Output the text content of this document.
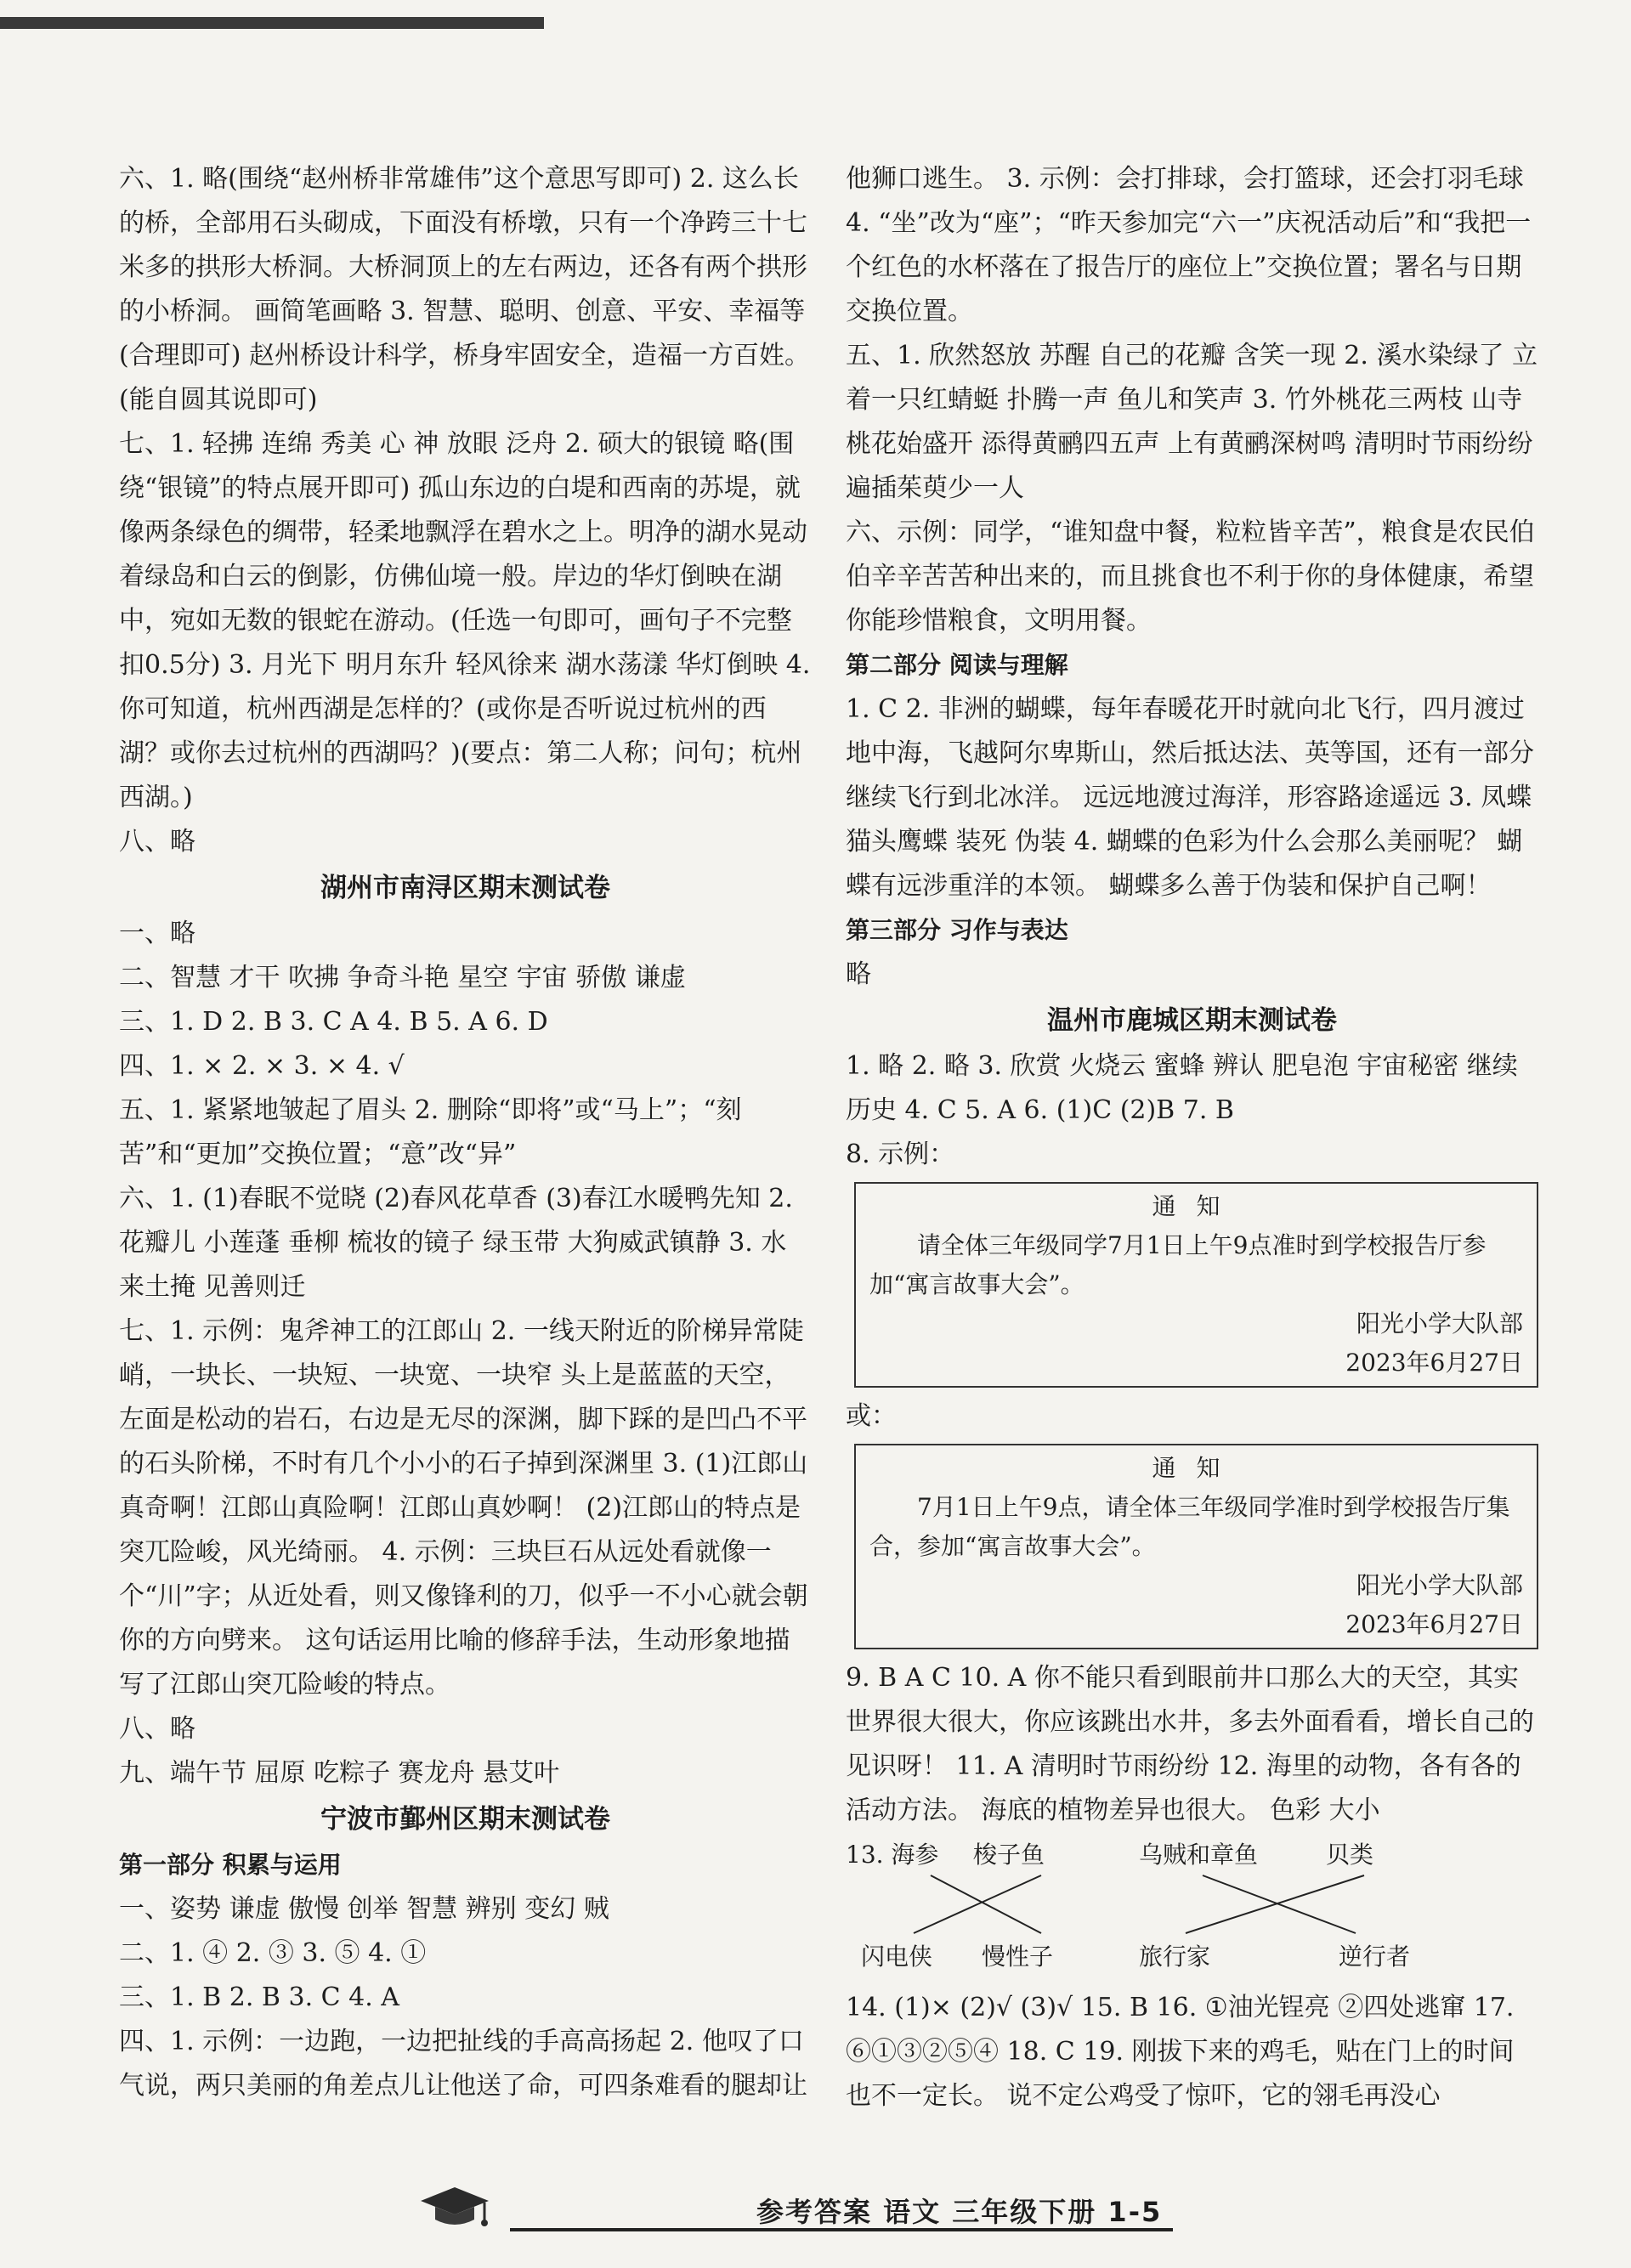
六、1. 略(围绕“赵州桥非常雄伟”这个意思写即可) 2. 这么长的桥，全部用石头砌成，下面没有桥墩，只有一个净跨三十七米多的拱形大桥洞。大桥洞顶上的左右两边，还各有两个拱形的小桥洞。 画简笔画略 3. 智慧、聪明、创意、平安、幸福等(合理即可) 赵州桥设计科学，桥身牢固安全，造福一方百姓。(能自圆其说即可)
七、1. 轻拂 连绵 秀美 心 神 放眼 泛舟 2. 硕大的银镜 略(围绕“银镜”的特点展开即可) 孤山东边的白堤和西南的苏堤，就像两条绿色的绸带，轻柔地飘浮在碧水之上。明净的湖水晃动着绿岛和白云的倒影，仿佛仙境一般。岸边的华灯倒映在湖中，宛如无数的银蛇在游动。(任选一句即可，画句子不完整扣0.5分) 3. 月光下 明月东升 轻风徐来 湖水荡漾 华灯倒映 4. 你可知道，杭州西湖是怎样的？(或你是否听说过杭州的西湖？或你去过杭州的西湖吗？)(要点：第二人称；问句；杭州西湖。)
八、略
湖州市南浔区期末测试卷
一、略
二、智慧 才干 吹拂 争奇斗艳 星空 宇宙 骄傲 谦虚
三、1. D 2. B 3. C A 4. B 5. A 6. D
四、1. × 2. × 3. × 4. √
五、1. 紧紧地皱起了眉头 2. 删除“即将”或“马上”；“刻苦”和“更加”交换位置；“意”改“异”
六、1. (1)春眠不觉晓 (2)春风花草香 (3)春江水暖鸭先知 2. 花瓣儿 小莲蓬 垂柳 梳妆的镜子 绿玉带 大狗威武镇静 3. 水来土掩 见善则迁
七、1. 示例：鬼斧神工的江郎山 2. 一线天附近的阶梯异常陡峭，一块长、一块短、一块宽、一块窄 头上是蓝蓝的天空，左面是松动的岩石，右边是无尽的深渊，脚下踩的是凹凸不平的石头阶梯，不时有几个小小的石子掉到深渊里 3. (1)江郎山真奇啊！江郎山真险啊！江郎山真妙啊！ (2)江郎山的特点是突兀险峻，风光绮丽。 4. 示例：三块巨石从远处看就像一个“川”字；从近处看，则又像锋利的刀，似乎一不小心就会朝你的方向劈来。 这句话运用比喻的修辞手法，生动形象地描写了江郎山突兀险峻的特点。
八、略
九、端午节 屈原 吃粽子 赛龙舟 悬艾叶
宁波市鄞州区期末测试卷
第一部分 积累与运用
一、姿势 谦虚 傲慢 创举 智慧 辨别 变幻 贼
二、1. ④ 2. ③ 3. ⑤ 4. ①
三、1. B 2. B 3. C 4. A
四、1. 示例：一边跑，一边把扯线的手高高扬起 2. 他叹了口气说，两只美丽的角差点儿让他送了命，可四条难看的腿却让
他狮口逃生。 3. 示例：会打排球，会打篮球，还会打羽毛球 4. “坐”改为“座”；“昨天参加完“六一”庆祝活动后”和“我把一个红色的水杯落在了报告厅的座位上”交换位置；署名与日期交换位置。
五、1. 欣然怒放 苏醒 自己的花瓣 含笑一现 2. 溪水染绿了 立着一只红蜻蜓 扑腾一声 鱼儿和笑声 3. 竹外桃花三两枝 山寺桃花始盛开 添得黄鹂四五声 上有黄鹂深树鸣 清明时节雨纷纷 遍插茱萸少一人
六、示例：同学，“谁知盘中餐，粒粒皆辛苦”，粮食是农民伯伯辛辛苦苦种出来的，而且挑食也不利于你的身体健康，希望你能珍惜粮食，文明用餐。
第二部分 阅读与理解
1. C 2. 非洲的蝴蝶，每年春暖花开时就向北飞行，四月渡过地中海，飞越阿尔卑斯山，然后抵达法、英等国，还有一部分继续飞行到北冰洋。 远远地渡过海洋，形容路途遥远 3. 凤蝶 猫头鹰蝶 装死 伪装 4. 蝴蝶的色彩为什么会那么美丽呢？ 蝴蝶有远涉重洋的本领。 蝴蝶多么善于伪装和保护自己啊！
第三部分 习作与表达
略
温州市鹿城区期末测试卷
1. 略 2. 略 3. 欣赏 火烧云 蜜蜂 辨认 肥皂泡 宇宙秘密 继续 历史 4. C 5. A 6. (1)C (2)B 7. B
8. 示例：
通知
请全体三年级同学7月1日上午9点准时到学校报告厅参加“寓言故事大会”。
阳光小学大队部
2023年6月27日
或：
通知
7月1日上午9点，请全体三年级同学准时到学校报告厅集合，参加“寓言故事大会”。
阳光小学大队部
2023年6月27日
9. B A C 10. A 你不能只看到眼前井口那么大的天空，其实世界很大很大，你应该跳出水井，多去外面看看，增长自己的见识呀！ 11. A 清明时节雨纷纷 12. 海里的动物，各有各的活动方法。 海底的植物差异也很大。 色彩 大小
13. 海参 梭子鱼	乌贼和章鱼	贝类
闪电侠 慢性子	旅行家	逆行者
14. (1)× (2)√ (3)√ 15. B 16. ①油光锃亮 ②四处逃窜 17. ⑥①③②⑤④ 18. C 19. 刚拔下来的鸡毛，贴在门上的时间也不一定长。 说不定公鸡受了惊吓，它的翎毛再没心
参考答案 语文 三年级下册 1-5
